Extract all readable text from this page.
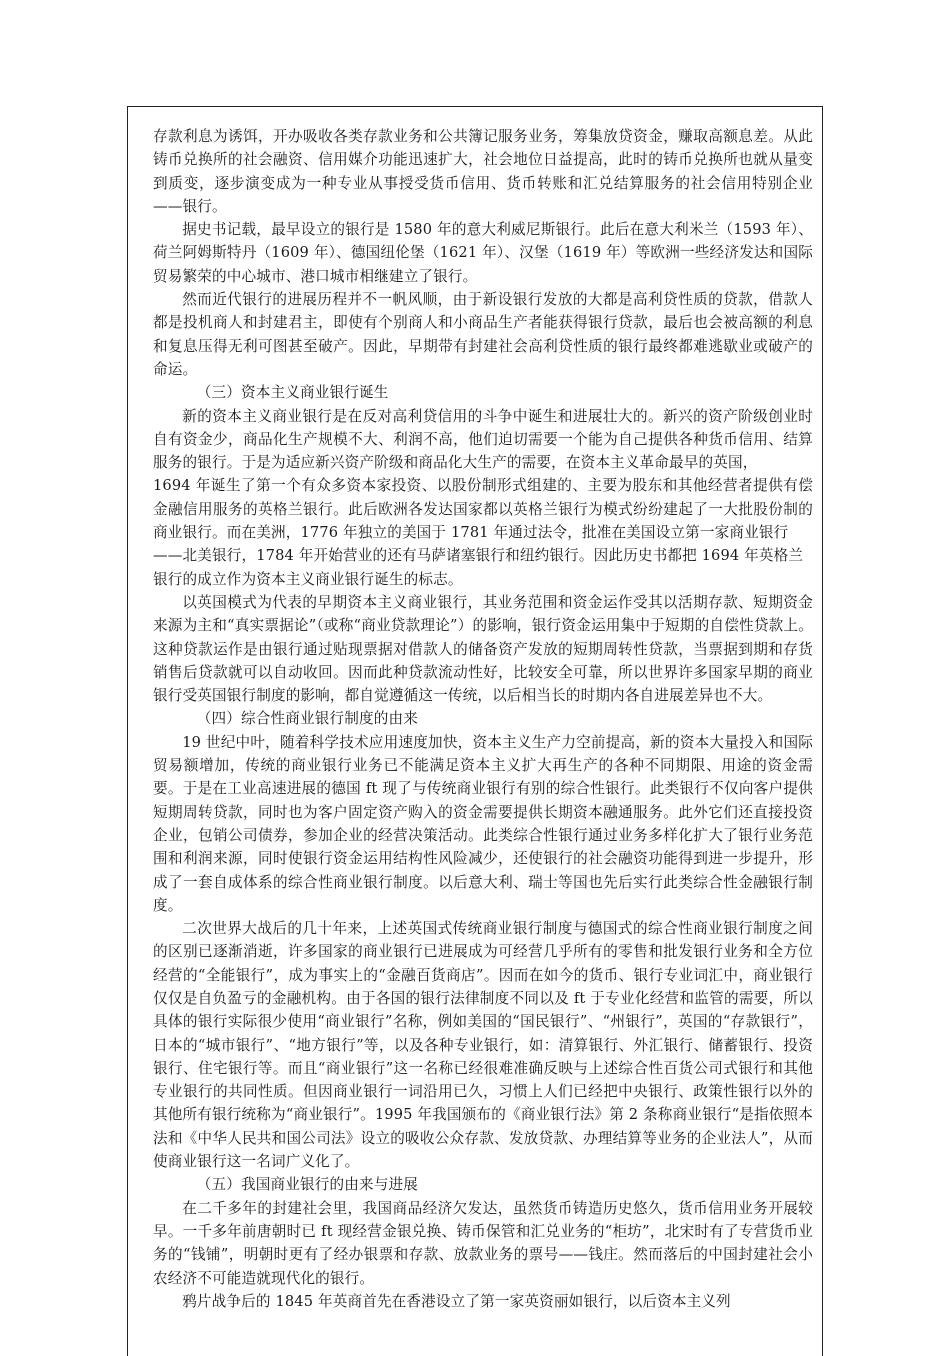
存款利息为诱饵，开办吸收各类存款业务和公共簿记服务业务，筹集放贷资金，赚取高额息差。从此铸币兑换所的社会融资、信用媒介功能迅速扩大，社会地位日益提高，此时的铸币兑换所也就从量变到质变，逐步演变成为一种专业从事授受货币信用、货币转账和汇兑结算服务的社会信用特别企业——银行。

据史书记载，最早设立的银行是 1580 年的意大利威尼斯银行。此后在意大利米兰（1593 年）、荷兰阿姆斯特丹（1609 年）、德国纽伦堡（1621 年）、汉堡（1619 年）等欧洲一些经济发达和国际贸易繁荣的中心城市、港口城市相继建立了银行。

然而近代银行的进展历程并不一帆风顺，由于新设银行发放的大都是高利贷性质的贷款，借款人都是投机商人和封建君主，即使有个别商人和小商品生产者能获得银行贷款，最后也会被高额的利息和复息压得无利可图甚至破产。因此，早期带有封建社会高利贷性质的银行最终都难逃歇业或破产的命运。

（三）资本主义商业银行诞生

新的资本主义商业银行是在反对高利贷信用的斗争中诞生和进展壮大的。新兴的资产阶级创业时自有资金少，商品化生产规模不大、利润不高，他们迫切需要一个能为自己提供各种货币信用、结算服务的银行。于是为适应新兴资产阶级和商品化大生产的需要，在资本主义革命最早的英国，

1694 年诞生了第一个有众多资本家投资、以股份制形式组建的、主要为股东和其他经营者提供有偿金融信用服务的英格兰银行。此后欧洲各发达国家都以英格兰银行为模式纷纷建起了一大批股份制的商业银行。而在美洲，1776 年独立的美国于 1781 年通过法令，批准在美国设立第一家商业银行

——北美银行，1784 年开始营业的还有马萨诸塞银行和纽约银行。因此历史书都把 1694 年英格兰

银行的成立作为资本主义商业银行诞生的标志。

以英国模式为代表的早期资本主义商业银行，其业务范围和资金运作受其以活期存款、短期资金来源为主和“真实票据论”（或称“商业贷款理论”）的影响，银行资金运用集中于短期的自偿性贷款上。这种贷款运作是由银行通过贴现票据对借款人的储备资产发放的短期周转性贷款，当票据到期和存货销售后贷款就可以自动收回。因而此种贷款流动性好，比较安全可靠，所以世界许多国家早期的商业银行受英国银行制度的影响，都自觉遵循这一传统，以后相当长的时期内各自进展差异也不大。

（四）综合性商业银行制度的由来

19 世纪中叶，随着科学技术应用速度加快，资本主义生产力空前提高，新的资本大量投入和国际贸易额增加，传统的商业银行业务已不能满足资本主义扩大再生产的各种不同期限、用途的资金需要。于是在工业高速进展的德国 ft 现了与传统商业银行有别的综合性银行。此类银行不仅向客户提供短期周转贷款，同时也为客户固定资产购入的资金需要提供长期资本融通服务。此外它们还直接投资企业，包销公司债券，参加企业的经营决策活动。此类综合性银行通过业务多样化扩大了银行业务范围和利润来源，同时使银行资金运用结构性风险减少，还使银行的社会融资功能得到进一步提升，形成了一套自成体系的综合性商业银行制度。以后意大利、瑞士等国也先后实行此类综合性金融银行制度。

二次世界大战后的几十年来，上述英国式传统商业银行制度与德国式的综合性商业银行制度之间的区别已逐渐消逝，许多国家的商业银行已进展成为可经营几乎所有的零售和批发银行业务和全方位经营的“全能银行”，成为事实上的“金融百货商店”。因而在如今的货币、银行专业词汇中，商业银行仅仅是自负盈亏的金融机构。由于各国的银行法律制度不同以及 ft 于专业化经营和监管的需要，所以具体的银行实际很少使用“商业银行”名称，例如美国的“国民银行”、“州银行”，英国的“存款银行”，日本的“城市银行”、“地方银行”等，以及各种专业银行，如：清算银行、外汇银行、储蓄银行、投资银行、住宅银行等。而且“商业银行”这一名称已经很难准确反映与上述综合性百货公司式银行和其他专业银行的共同性质。但因商业银行一词沿用已久，习惯上人们已经把中央银行、政策性银行以外的其他所有银行统称为“商业银行”。1995 年我国颁布的《商业银行法》第 2 条称商业银行“是指依照本法和《中华人民共和国公司法》设立的吸收公众存款、发放贷款、办理结算等业务的企业法人”，从而使商业银行这一名词广义化了。

（五）我国商业银行的由来与进展

在二千多年的封建社会里，我国商品经济欠发达，虽然货币铸造历史悠久，货币信用业务开展较早。一千多年前唐朝时已 ft 现经营金银兑换、铸币保管和汇兑业务的“柜坊”，北宋时有了专营货币业务的“钱铺”，明朝时更有了经办银票和存款、放款业务的票号——钱庄。然而落后的中国封建社会小农经济不可能造就现代化的银行。

鸦片战争后的 1845 年英商首先在香港设立了第一家英资丽如银行，以后资本主义列
